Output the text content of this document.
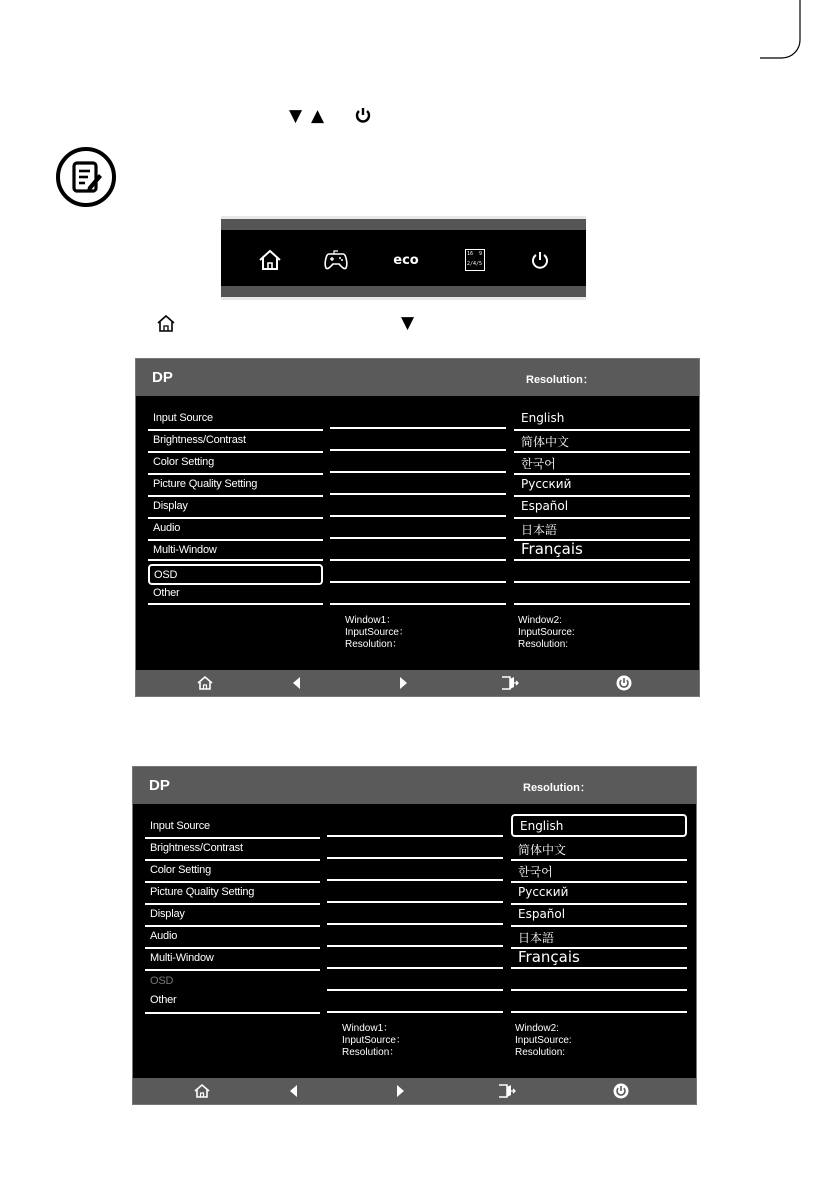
▼ ▲
eco	16  9
2/4/5
▼
DP	Resolution：
Input Source
Brightness/Contrast
Color Setting
Picture Quality Setting
Display
Audio
Multi-Window
OSD
Other
English
简体中文
한국어
Русский
Español
日本語
Français
Window1：
InputSource：
Resolution：
Window2:
InputSource:
Resolution:
DP	Resolution：
Input Source
Brightness/Contrast
Color Setting
Picture Quality Setting
Display
Audio
Multi-Window
OSD
Other
English
简体中文
한국어
Русский
Español
日本語
Français
Window1：
InputSource：
Resolution：
Window2:
InputSource:
Resolution:
